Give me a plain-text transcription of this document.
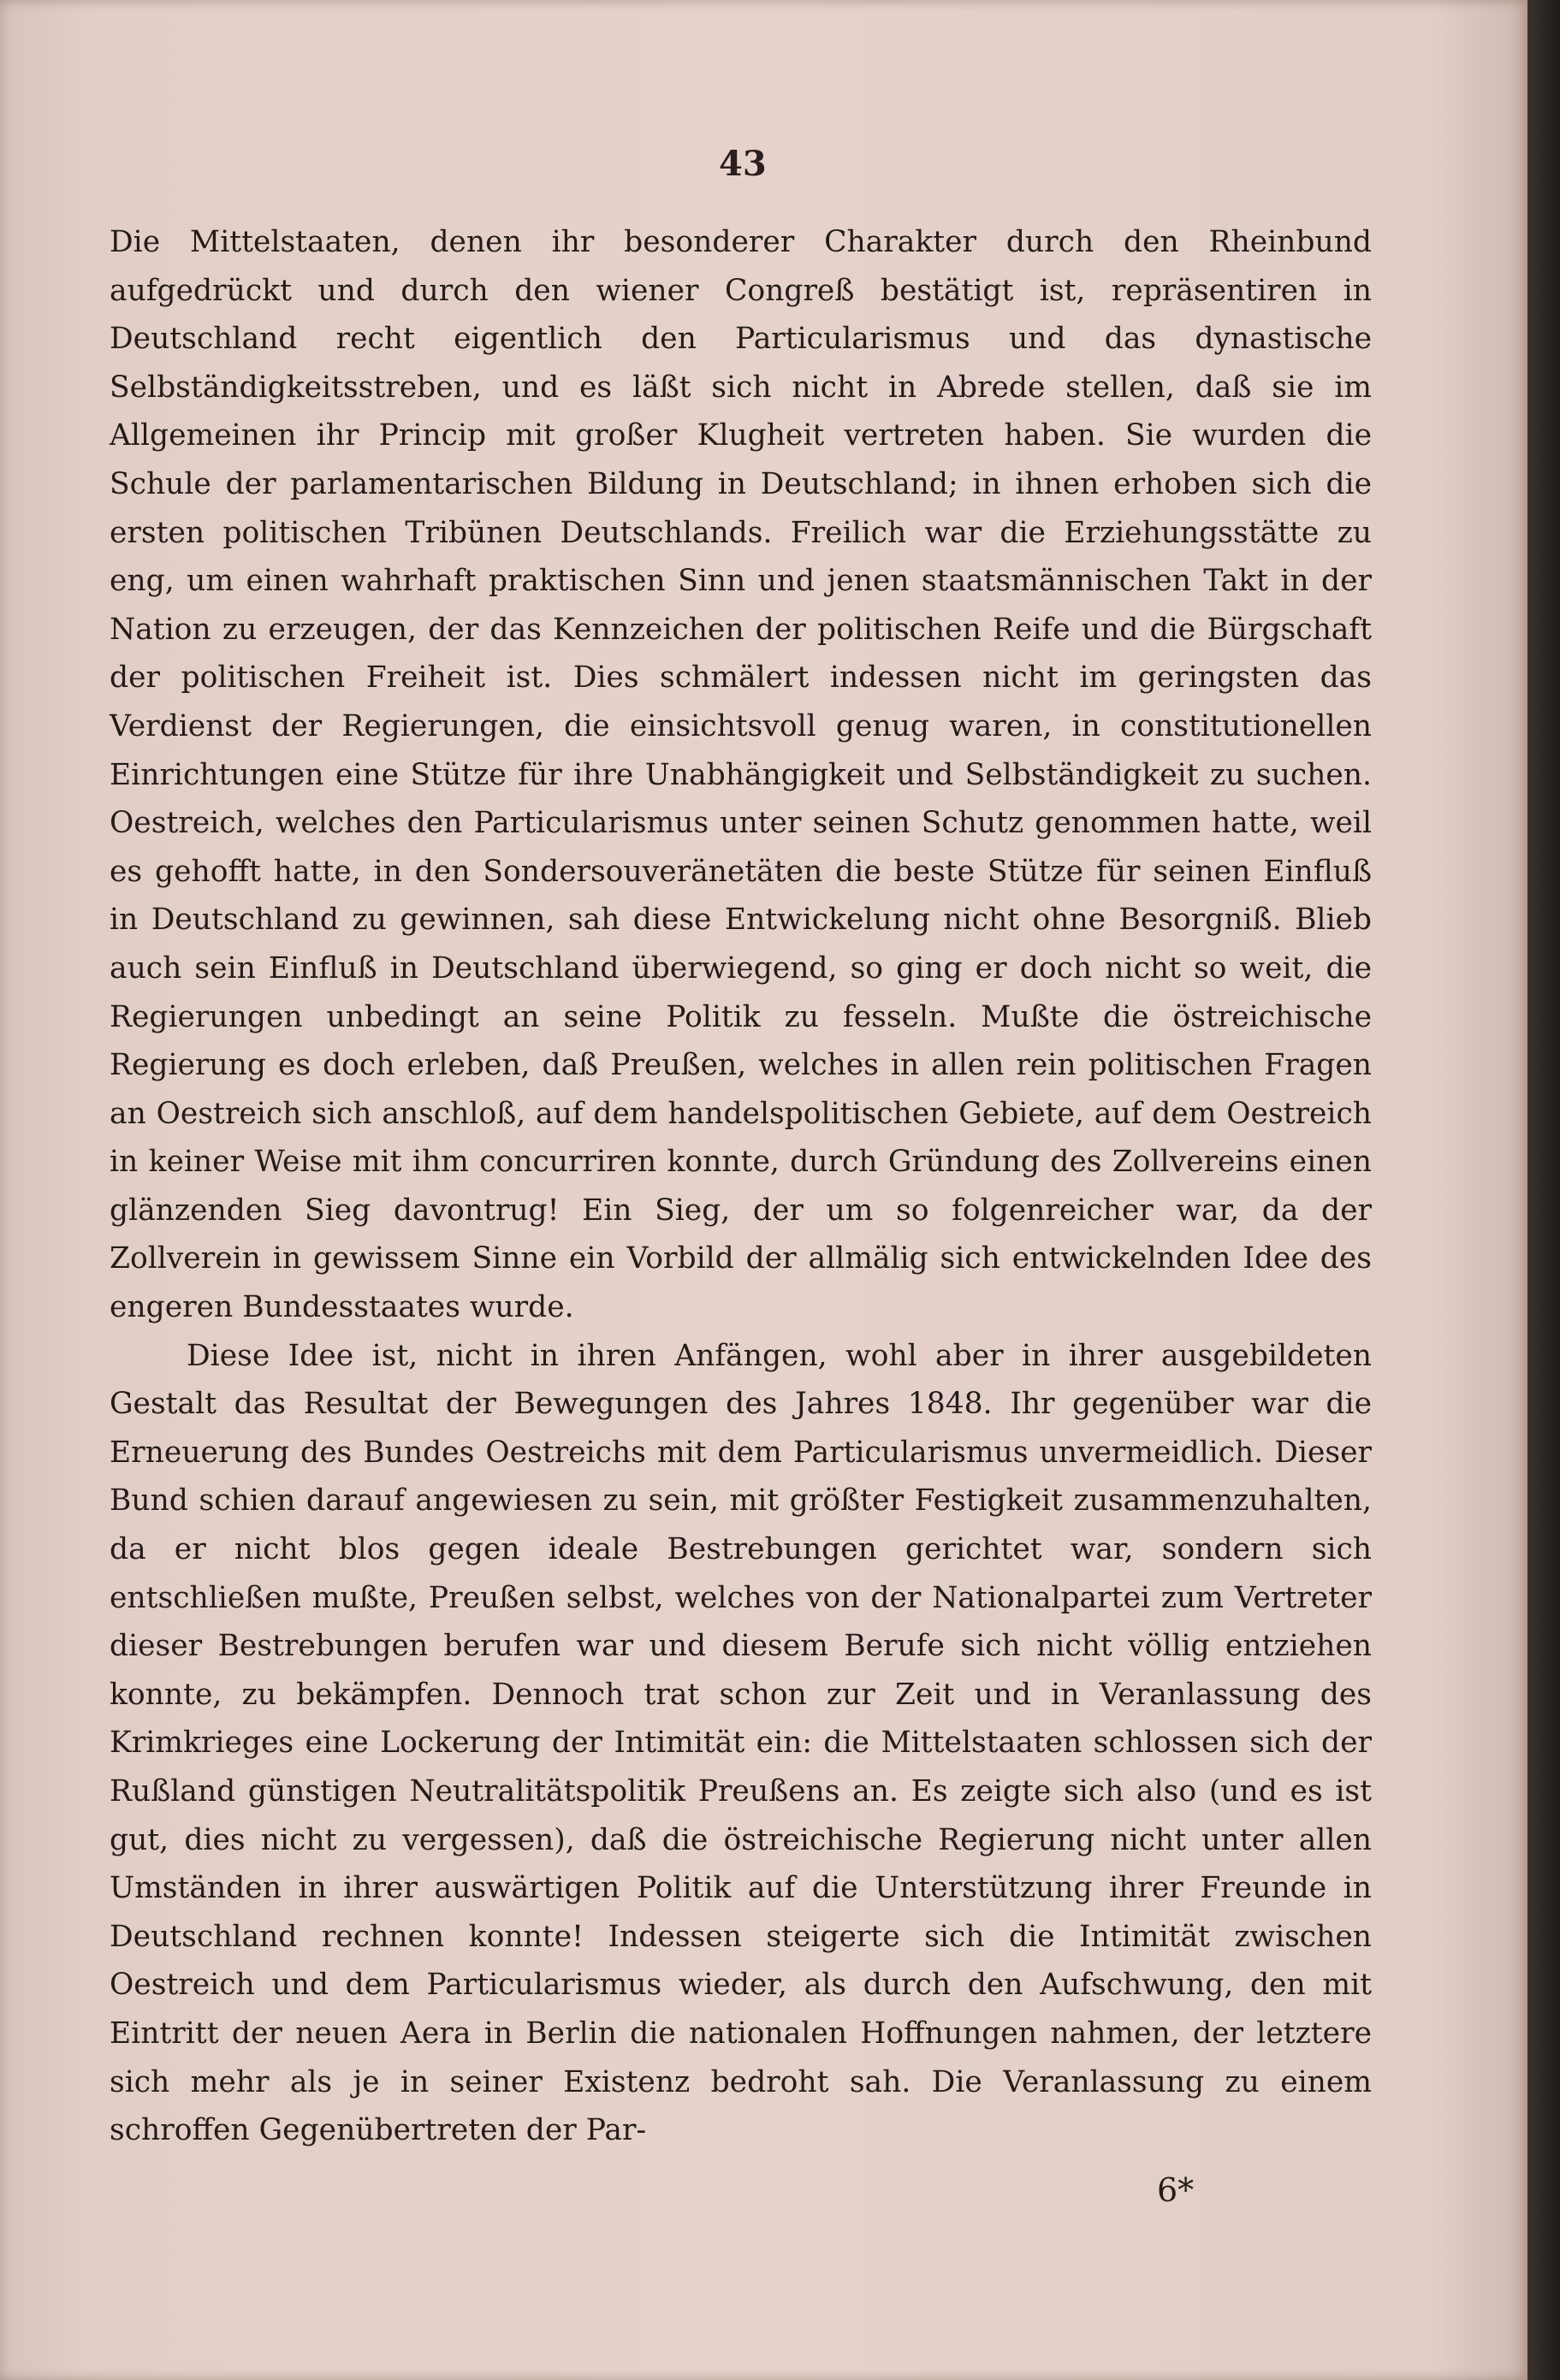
43

Die Mittelstaaten, denen ihr besonderer Charakter durch den Rheinbund aufgedrückt und durch den wiener Congreß bestätigt ist, repräsentiren in Deutschland recht eigentlich den Particularismus und das dynastische Selbständigkeitsstreben, und es läßt sich nicht in Abrede stellen, daß sie im Allgemeinen ihr Princip mit großer Klugheit vertreten haben. Sie wurden die Schule der parlamentarischen Bildung in Deutschland; in ihnen erhoben sich die ersten politischen Tribünen Deutschlands. Freilich war die Erziehungsstätte zu eng, um einen wahrhaft praktischen Sinn und jenen staatsmännischen Takt in der Nation zu erzeugen, der das Kennzeichen der politischen Reife und die Bürgschaft der politischen Freiheit ist. Dies schmälert indessen nicht im geringsten das Verdienst der Regierungen, die einsichtsvoll genug waren, in constitutionellen Einrichtungen eine Stütze für ihre Unabhängigkeit und Selbständigkeit zu suchen. Oestreich, welches den Particularismus unter seinen Schutz genommen hatte, weil es gehofft hatte, in den Sondersouveränetäten die beste Stütze für seinen Einfluß in Deutschland zu gewinnen, sah diese Entwickelung nicht ohne Besorgniß. Blieb auch sein Einfluß in Deutschland überwiegend, so ging er doch nicht so weit, die Regierungen unbedingt an seine Politik zu fesseln. Mußte die östreichische Regierung es doch erleben, daß Preußen, welches in allen rein politischen Fragen an Oestreich sich anschloß, auf dem handelspolitischen Gebiete, auf dem Oestreich in keiner Weise mit ihm concurriren konnte, durch Gründung des Zollvereins einen glänzenden Sieg davontrug! Ein Sieg, der um so folgenreicher war, da der Zollverein in gewissem Sinne ein Vorbild der allmälig sich entwickelnden Idee des engeren Bundesstaates wurde.

Diese Idee ist, nicht in ihren Anfängen, wohl aber in ihrer ausgebildeten Gestalt das Resultat der Bewegungen des Jahres 1848. Ihr gegenüber war die Erneuerung des Bundes Oestreichs mit dem Particularismus unvermeidlich. Dieser Bund schien darauf angewiesen zu sein, mit größter Festigkeit zusammenzuhalten, da er nicht blos gegen ideale Bestrebungen gerichtet war, sondern sich entschließen mußte, Preußen selbst, welches von der Nationalpartei zum Vertreter dieser Bestrebungen berufen war und diesem Berufe sich nicht völlig entziehen konnte, zu bekämpfen. Dennoch trat schon zur Zeit und in Veranlassung des Krimkrieges eine Lockerung der Intimität ein: die Mittelstaaten schlossen sich der Rußland günstigen Neutralitätspolitik Preußens an. Es zeigte sich also (und es ist gut, dies nicht zu vergessen), daß die östreichische Regierung nicht unter allen Umständen in ihrer auswärtigen Politik auf die Unterstützung ihrer Freunde in Deutschland rechnen konnte! Indessen steigerte sich die Intimität zwischen Oestreich und dem Particularismus wieder, als durch den Aufschwung, den mit Eintritt der neuen Aera in Berlin die nationalen Hoffnungen nahmen, der letztere sich mehr als je in seiner Existenz bedroht sah. Die Veranlassung zu einem schroffen Gegenübertreten der Par-

6*
